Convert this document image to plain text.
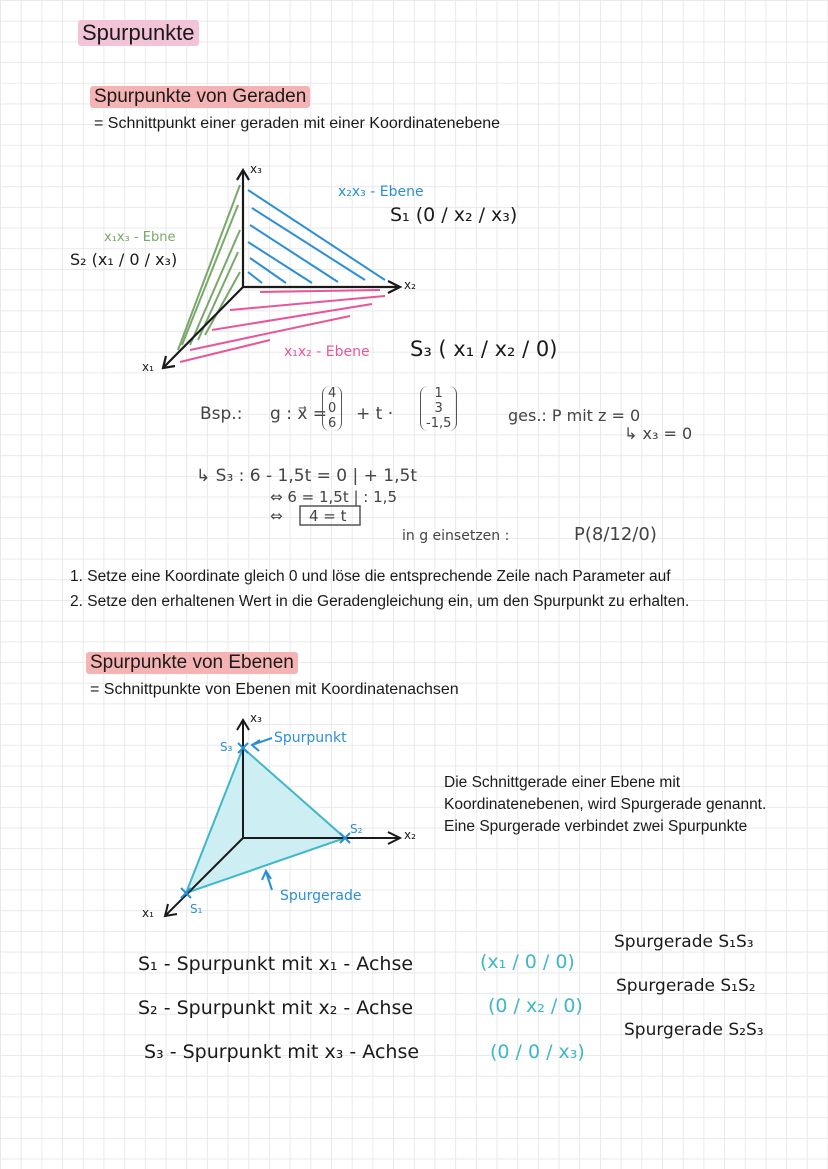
Spurpunkte
Spurpunkte von Geraden
= Schnittpunkt einer geraden mit einer Koordinatenebene
x₃
x₂
x₁
x₂x₃ - Ebene
S₁ (0 / x₂ / x₃)
x₁x₃ - Ebne
S₂ (x₁ / 0 / x₃)
x₁x₂ - Ebene S₃ ( x₁ / x₂ / 0)
Bsp.: g : x⃗ =
4
0
6 + t ·
1
3
-1,5	ges.: P mit z = 0
↳ x₃ = 0
↳ S₃ : 6 - 1,5t = 0 | + 1,5t
⇔ 6 = 1,5t | : 1,5
⇔ 4 = t
in g einsetzen :	P(8/12/0)
1. Setze eine Koordinate gleich 0 und löse die entsprechende Zeile nach Parameter auf
2. Setze den erhaltenen Wert in die Geradengleichung ein, um den Spurpunkt zu erhalten.
Spurpunkte von Ebenen
= Schnittpunkte von Ebenen mit Koordinatenachsen
x₃
x₂
x₁
S₃
Spurpunkt
S₂
S₁
Spurgerade
Die Schnittgerade einer Ebene mit
Koordinatenebenen, wird Spurgerade genannt.
Eine Spurgerade verbindet zwei Spurpunkte
S₁ - Spurpunkt mit x₁ - Achse	(x₁ / 0 / 0)
S₂ - Spurpunkt mit x₂ - Achse	(0 / x₂ / 0)
S₃ - Spurpunkt mit x₃ - Achse	(0 / 0 / x₃)
Spurgerade S₁S₃
Spurgerade S₁S₂
Spurgerade S₂S₃
